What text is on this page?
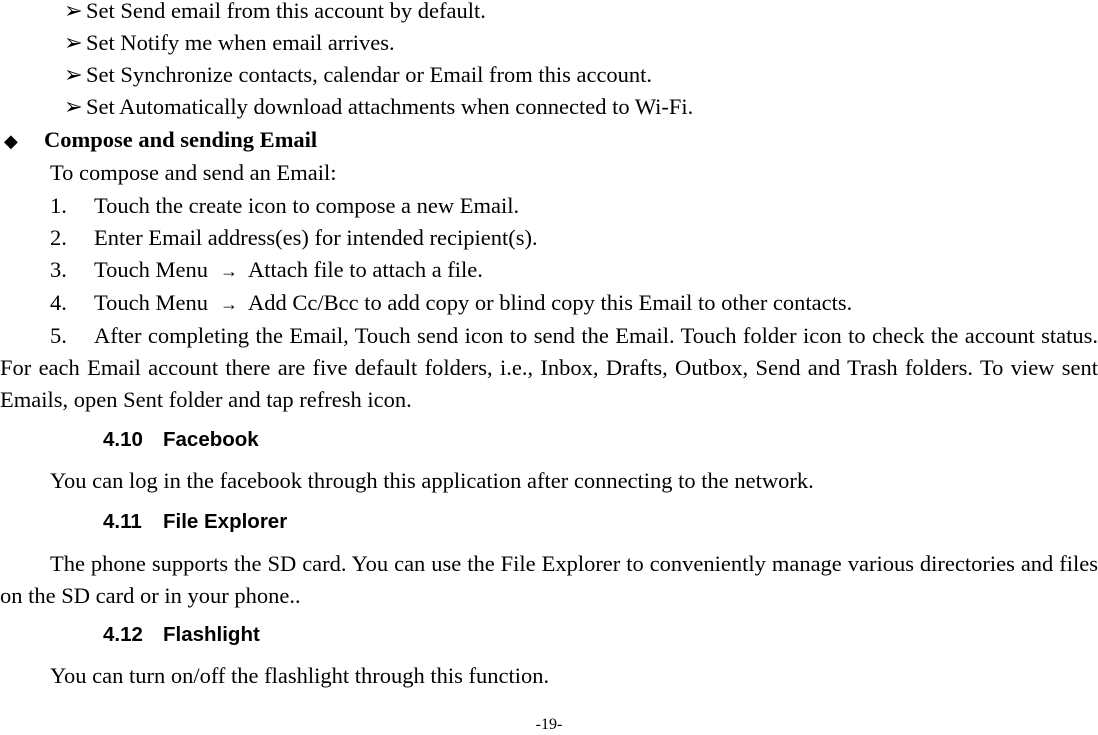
➢ Set Send email from this account by default.
➢ Set Notify me when email arrives.
➢ Set Synchronize contacts, calendar or Email from this account.
➢ Set Automatically download attachments when connected to Wi-Fi.
◆ Compose and sending Email
To compose and send an Email:
1. Touch the create icon to compose a new Email.
2. Enter Email address(es) for intended recipient(s).
3. Touch Menu → Attach file to attach a file.
4. Touch Menu → Add Cc/Bcc to add copy or blind copy this Email to other contacts.
5. After completing the Email, Touch send icon to send the Email. Touch folder icon to check the account status. For each Email account there are five default folders, i.e., Inbox, Drafts, Outbox, Send and Trash folders. To view sent Emails, open Sent folder and tap refresh icon.
4.10 Facebook
You can log in the facebook through this application after connecting to the network.
4.11 File Explorer
The phone supports the SD card. You can use the File Explorer to conveniently manage various directories and files on the SD card or in your phone..
4.12 Flashlight
You can turn on/off the flashlight through this function.
-19-
